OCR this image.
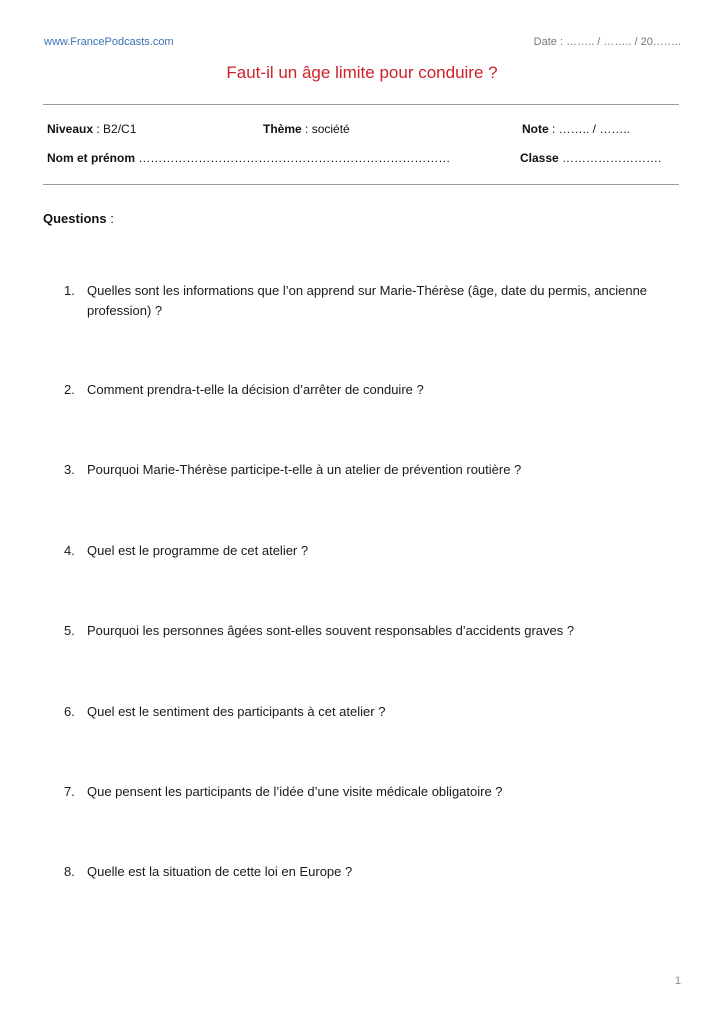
www.FrancePodcasts.com	Date : …….. / …….. / 20……..
Faut-il un âge limite pour conduire ?
Niveaux : B2/C1	Thème : société	Note : …….. / ……..
Nom et prénom ……………………………………………………………………	Classe …………………….
Questions :
1. Quelles sont les informations que l’on apprend sur Marie-Thérèse (âge, date du permis, ancienne profession) ?
2. Comment prendra-t-elle la décision d’arrêter de conduire ?
3. Pourquoi Marie-Thérèse participe-t-elle à un atelier de prévention routière ?
4. Quel est le programme de cet atelier ?
5. Pourquoi les personnes âgées sont-elles souvent responsables d’accidents graves ?
6. Quel est le sentiment des participants à cet atelier ?
7. Que pensent les participants de l’idée d’une visite médicale obligatoire ?
8. Quelle est la situation de cette loi en Europe ?
1
